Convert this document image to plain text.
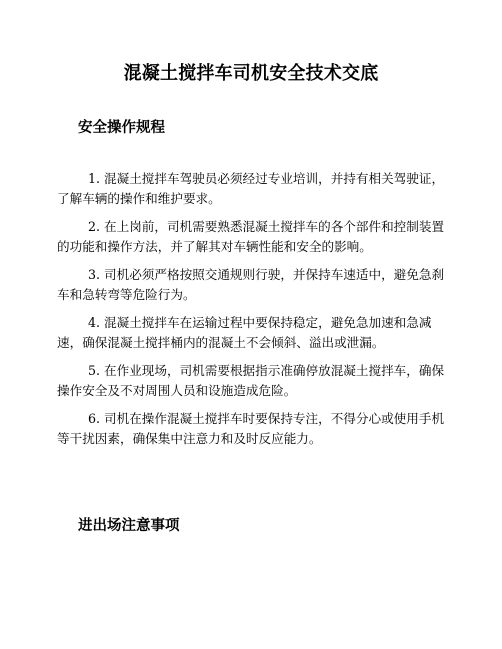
混凝土搅拌车司机安全技术交底
安全操作规程

1. 混凝土搅拌车驾驶员必须经过专业培训，并持有相关驾驶证，了解车辆的操作和维护要求。

2. 在上岗前，司机需要熟悉混凝土搅拌车的各个部件和控制装置的功能和操作方法，并了解其对车辆性能和安全的影响。

3. 司机必须严格按照交通规则行驶，并保持车速适中，避免急刹车和急转弯等危险行为。

4. 混凝土搅拌车在运输过程中要保持稳定，避免急加速和急减速，确保混凝土搅拌桶内的混凝土不会倾斜、溢出或泄漏。

5. 在作业现场，司机需要根据指示准确停放混凝土搅拌车，确保操作安全及不对周围人员和设施造成危险。

6. 司机在操作混凝土搅拌车时要保持专注，不得分心或使用手机等干扰因素，确保集中注意力和及时反应能力。

进出场注意事项
